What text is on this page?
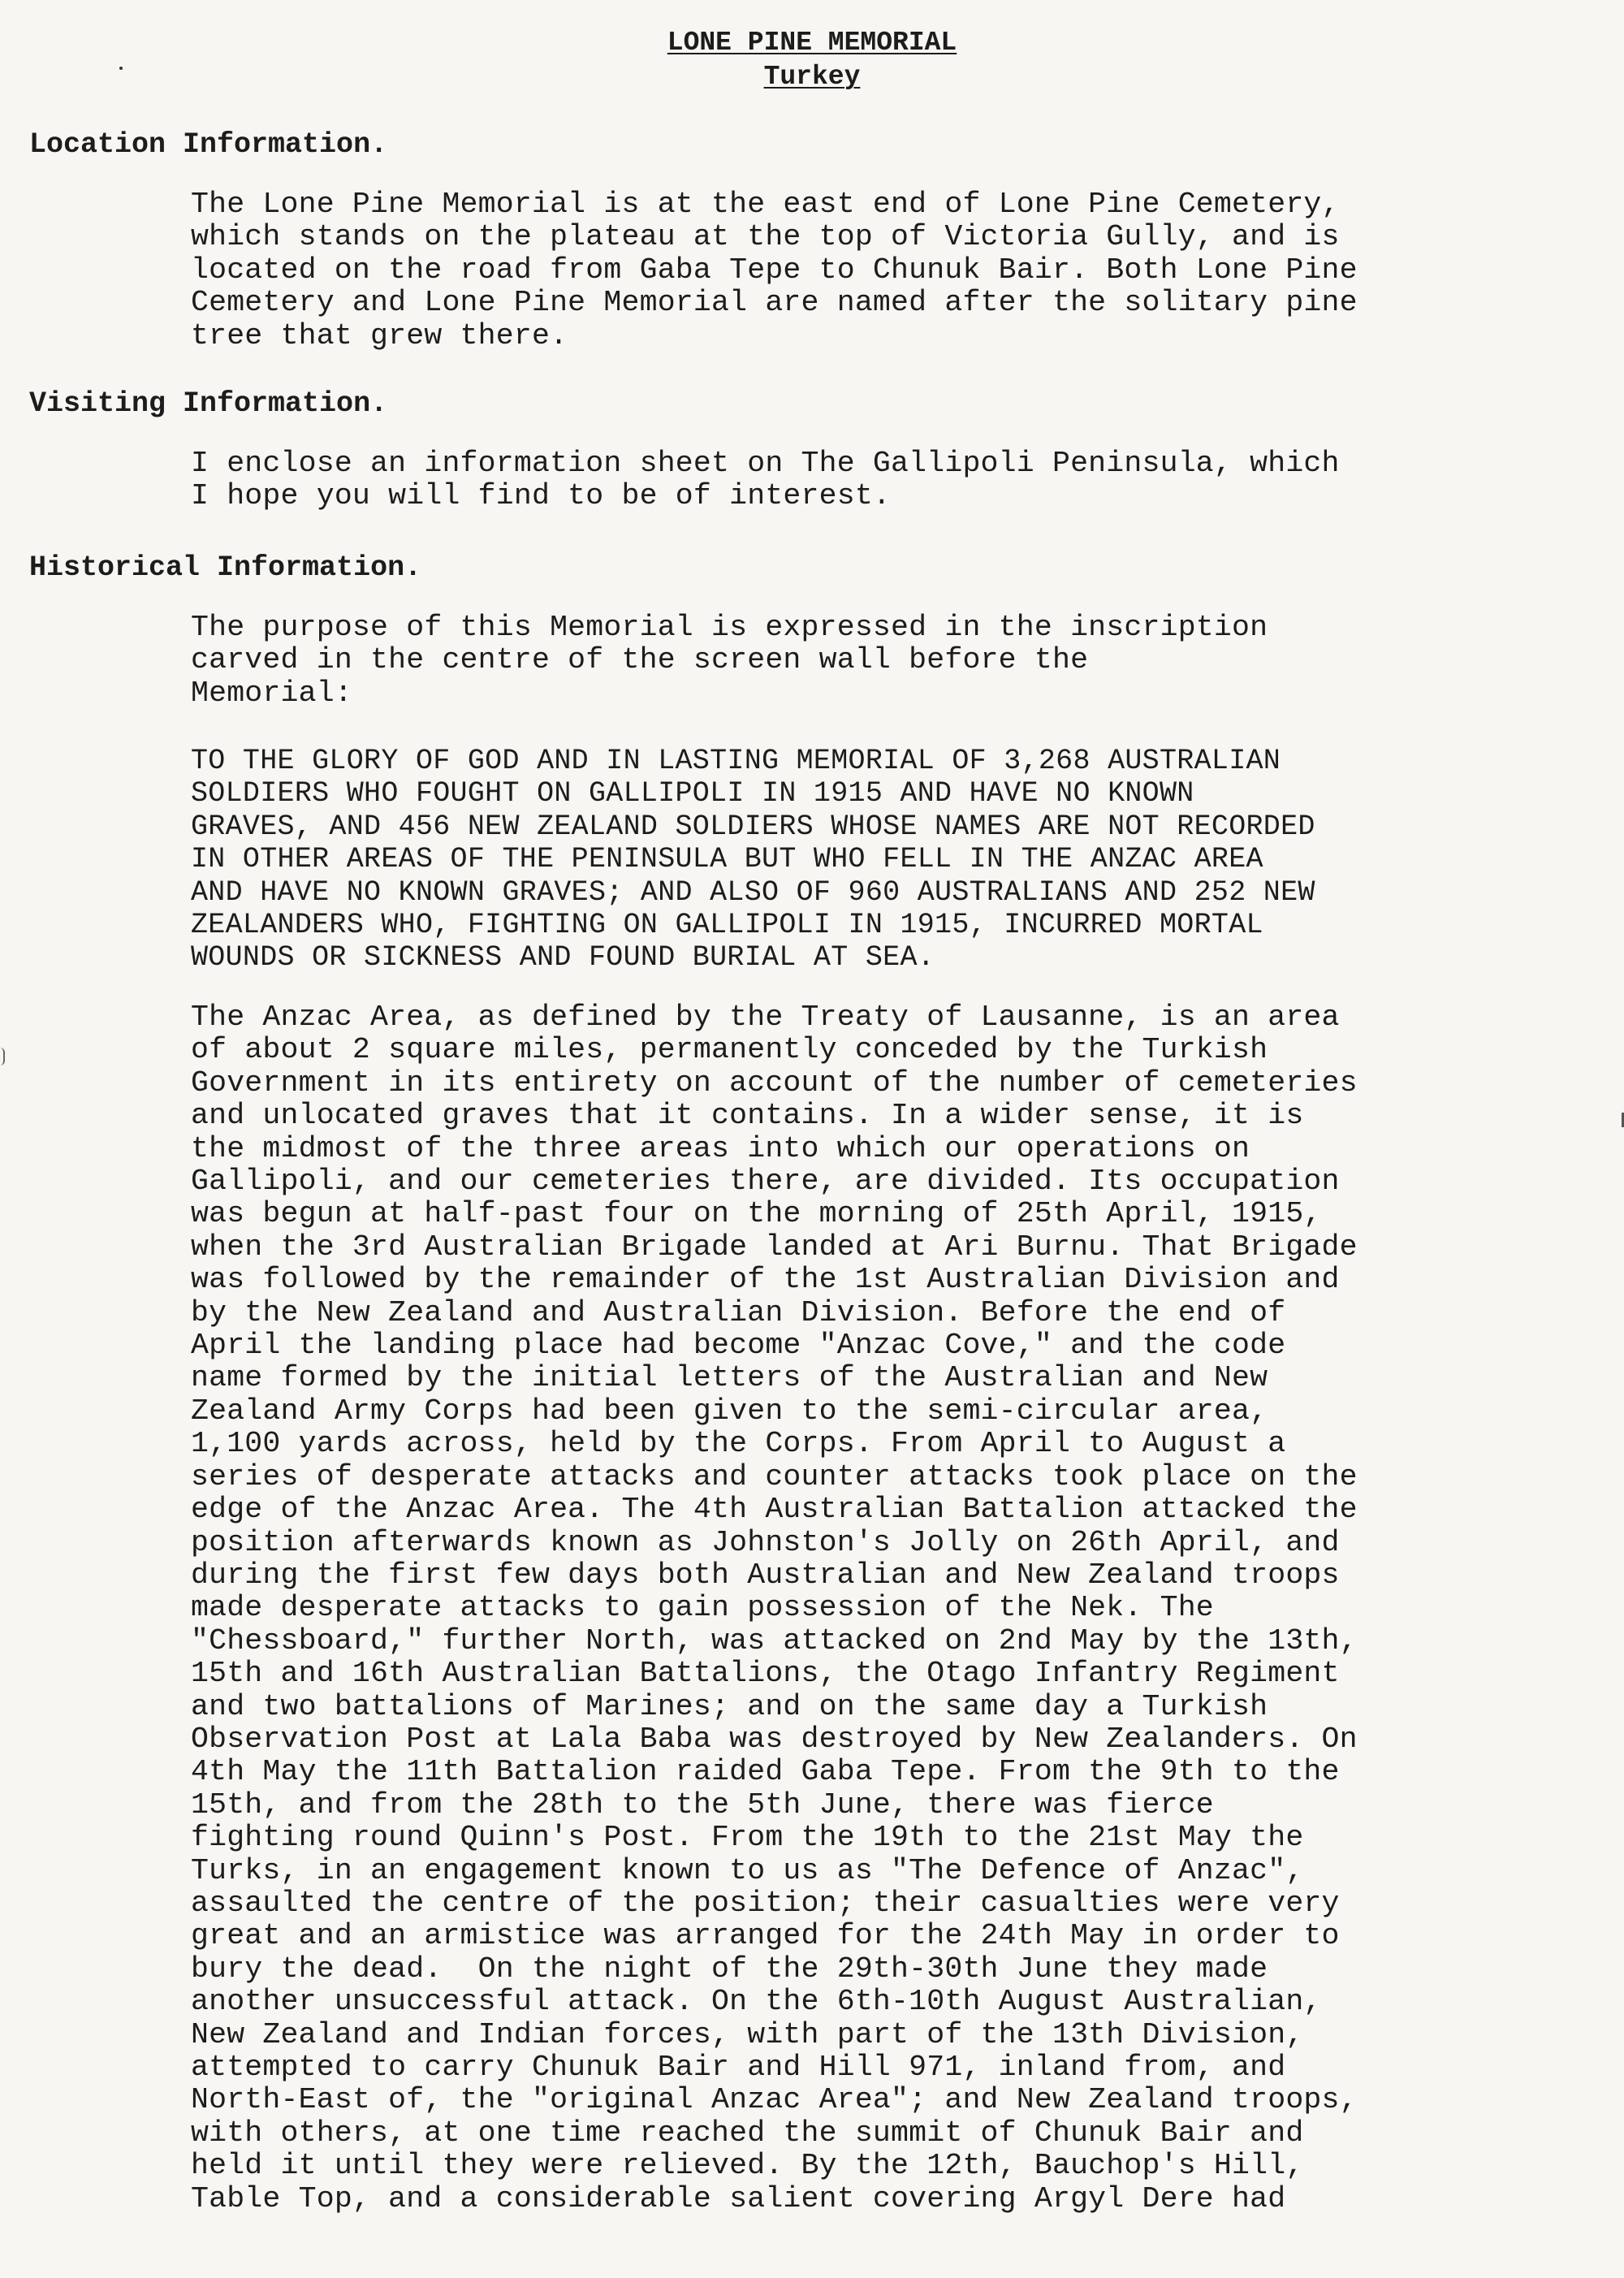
LONE PINE MEMORIAL
Turkey
Location Information.

The Lone Pine Memorial is at the east end of Lone Pine Cemetery,
which stands on the plateau at the top of Victoria Gully, and is
located on the road from Gaba Tepe to Chunuk Bair. Both Lone Pine
Cemetery and Lone Pine Memorial are named after the solitary pine
tree that grew there.

Visiting Information.

I enclose an information sheet on The Gallipoli Peninsula, which
I hope you will find to be of interest.

Historical Information.

The purpose of this Memorial is expressed in the inscription
carved in the centre of the screen wall before the
Memorial:

TO THE GLORY OF GOD AND IN LASTING MEMORIAL OF 3,268 AUSTRALIAN
SOLDIERS WHO FOUGHT ON GALLIPOLI IN 1915 AND HAVE NO KNOWN
GRAVES, AND 456 NEW ZEALAND SOLDIERS WHOSE NAMES ARE NOT RECORDED
IN OTHER AREAS OF THE PENINSULA BUT WHO FELL IN THE ANZAC AREA
AND HAVE NO KNOWN GRAVES; AND ALSO OF 960 AUSTRALIANS AND 252 NEW
ZEALANDERS WHO, FIGHTING ON GALLIPOLI IN 1915, INCURRED MORTAL
WOUNDS OR SICKNESS AND FOUND BURIAL AT SEA.

The Anzac Area, as defined by the Treaty of Lausanne, is an area
of about 2 square miles, permanently conceded by the Turkish
Government in its entirety on account of the number of cemeteries
and unlocated graves that it contains. In a wider sense, it is
the midmost of the three areas into which our operations on
Gallipoli, and our cemeteries there, are divided. Its occupation
was begun at half-past four on the morning of 25th April, 1915,
when the 3rd Australian Brigade landed at Ari Burnu. That Brigade
was followed by the remainder of the 1st Australian Division and
by the New Zealand and Australian Division. Before the end of
April the landing place had become "Anzac Cove," and the code
name formed by the initial letters of the Australian and New
Zealand Army Corps had been given to the semi-circular area,
1,100 yards across, held by the Corps. From April to August a
series of desperate attacks and counter attacks took place on the
edge of the Anzac Area. The 4th Australian Battalion attacked the
position afterwards known as Johnston's Jolly on 26th April, and
during the first few days both Australian and New Zealand troops
made desperate attacks to gain possession of the Nek. The
"Chessboard," further North, was attacked on 2nd May by the 13th,
15th and 16th Australian Battalions, the Otago Infantry Regiment
and two battalions of Marines; and on the same day a Turkish
Observation Post at Lala Baba was destroyed by New Zealanders. On
4th May the 11th Battalion raided Gaba Tepe. From the 9th to the
15th, and from the 28th to the 5th June, there was fierce
fighting round Quinn's Post. From the 19th to the 21st May the
Turks, in an engagement known to us as "The Defence of Anzac",
assaulted the centre of the position; their casualties were very
great and an armistice was arranged for the 24th May in order to
bury the dead.  On the night of the 29th-30th June they made
another unsuccessful attack. On the 6th-10th August Australian,
New Zealand and Indian forces, with part of the 13th Division,
attempted to carry Chunuk Bair and Hill 971, inland from, and
North-East of, the "original Anzac Area"; and New Zealand troops,
with others, at one time reached the summit of Chunuk Bair and
held it until they were relieved. By the 12th, Bauchop's Hill,
Table Top, and a considerable salient covering Argyl Dere had
